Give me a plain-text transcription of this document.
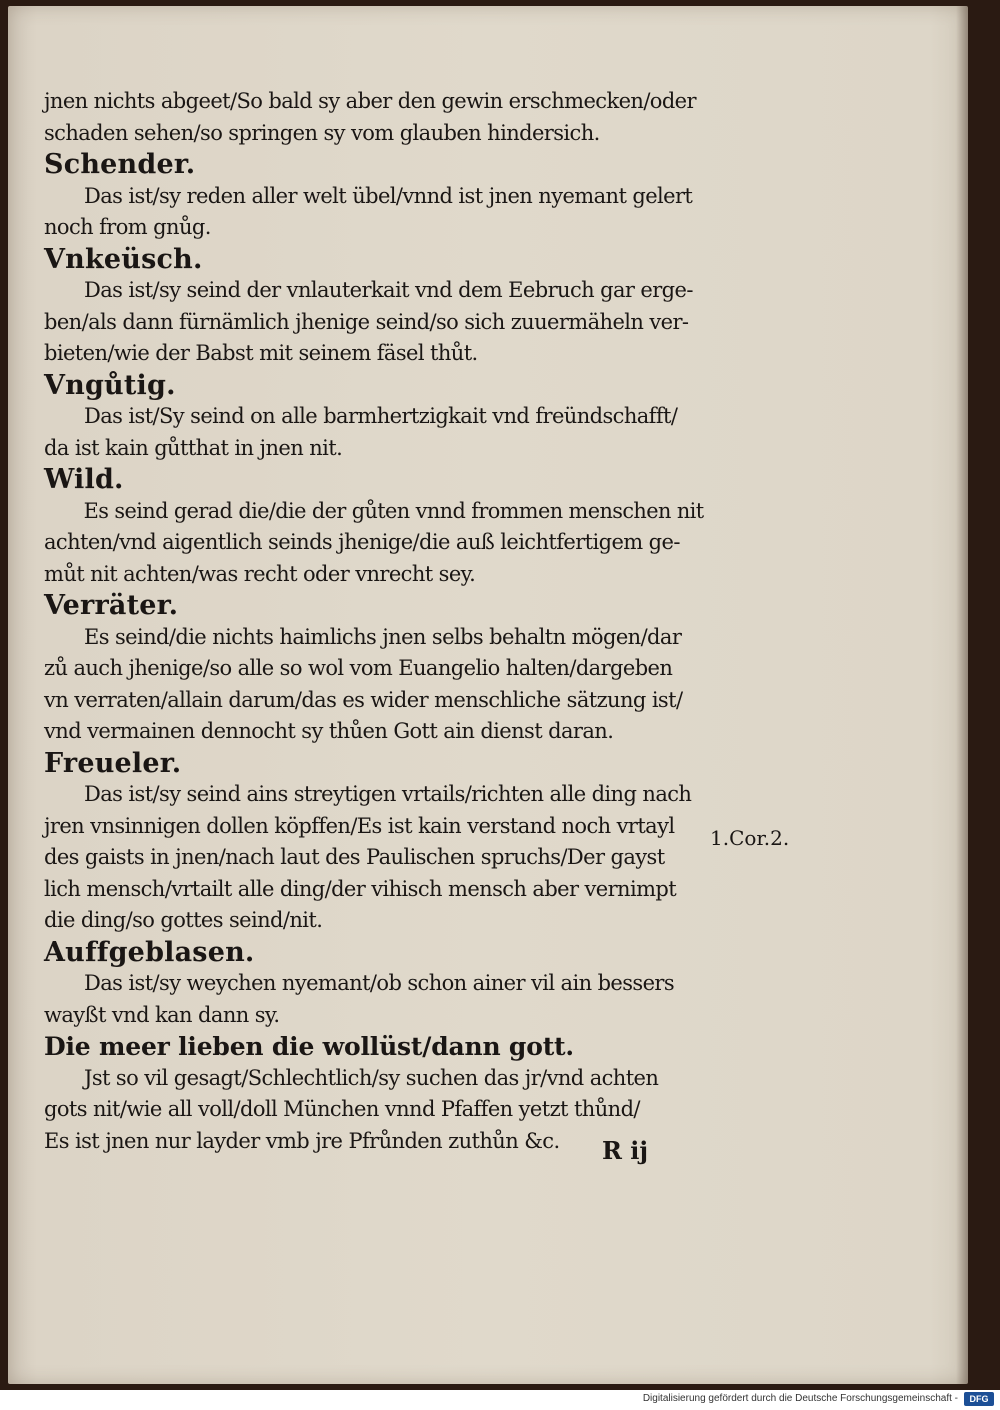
jnen nichts abgeet/So bald sy aber den gewin erschmecken/oder
schaden sehen/so springen sy vom glauben hindersich.
Schender.
Das ist/sy reden aller welt übel/vnnd ist jnen nyemant gelert
noch from gnůg.
Vnkeüsch.
Das ist/sy seind der vnlauterkait vnd dem Eebruch gar erge-
ben/als dann fürnämlich jhenige seind/so sich zuuermäheln ver-
bieten/wie der Babst mit seinem fäsel thůt.
Vngůtig.
Das ist/Sy seind on alle barmhertzigkait vnd freündschafft/
da ist kain gůtthat in jnen nit.
Wild.
Es seind gerad die/die der gůten vnnd frommen menschen nit
achten/vnd aigentlich seinds jhenige/die auß leichtfertigem ge-
můt nit achten/was recht oder vnrecht sey.
Verräter.
Es seind/die nichts haimlichs jnen selbs behaltn mögen/dar
zů auch jhenige/so alle so wol vom Euangelio halten/dargeben
vn verraten/allain darum/das es wider menschliche sätzung ist/
vnd vermainen dennocht sy thůen Gott ain dienst daran.
Freueler.
Das ist/sy seind ains streytigen vrtails/richten alle ding nach
jren vnsinnigen dollen köpffen/Es ist kain verstand noch vrtayl
des gaists in jnen/nach laut des Paulischen spruchs/Der gayst
lich mensch/vrtailt alle ding/der vihisch mensch aber vernimpt
die ding/so gottes seind/nit.
Auffgeblasen.
Das ist/sy weychen nyemant/ob schon ainer vil ain bessers
wayßt vnd kan dann sy.
Die meer lieben die wollüst/dann gott.
Jst so vil gesagt/Schlechtlich/sy suchen das jr/vnd achten
gots nit/wie all voll/doll München vnnd Pfaffen yetzt thůnd/
Es ist jnen nur layder vmb jre Pfrůnden zuthůn &c.
1.Cor.2.
R ij
Digitalisierung gefördert durch die Deutsche Forschungsgemeinschaft -	DFG
